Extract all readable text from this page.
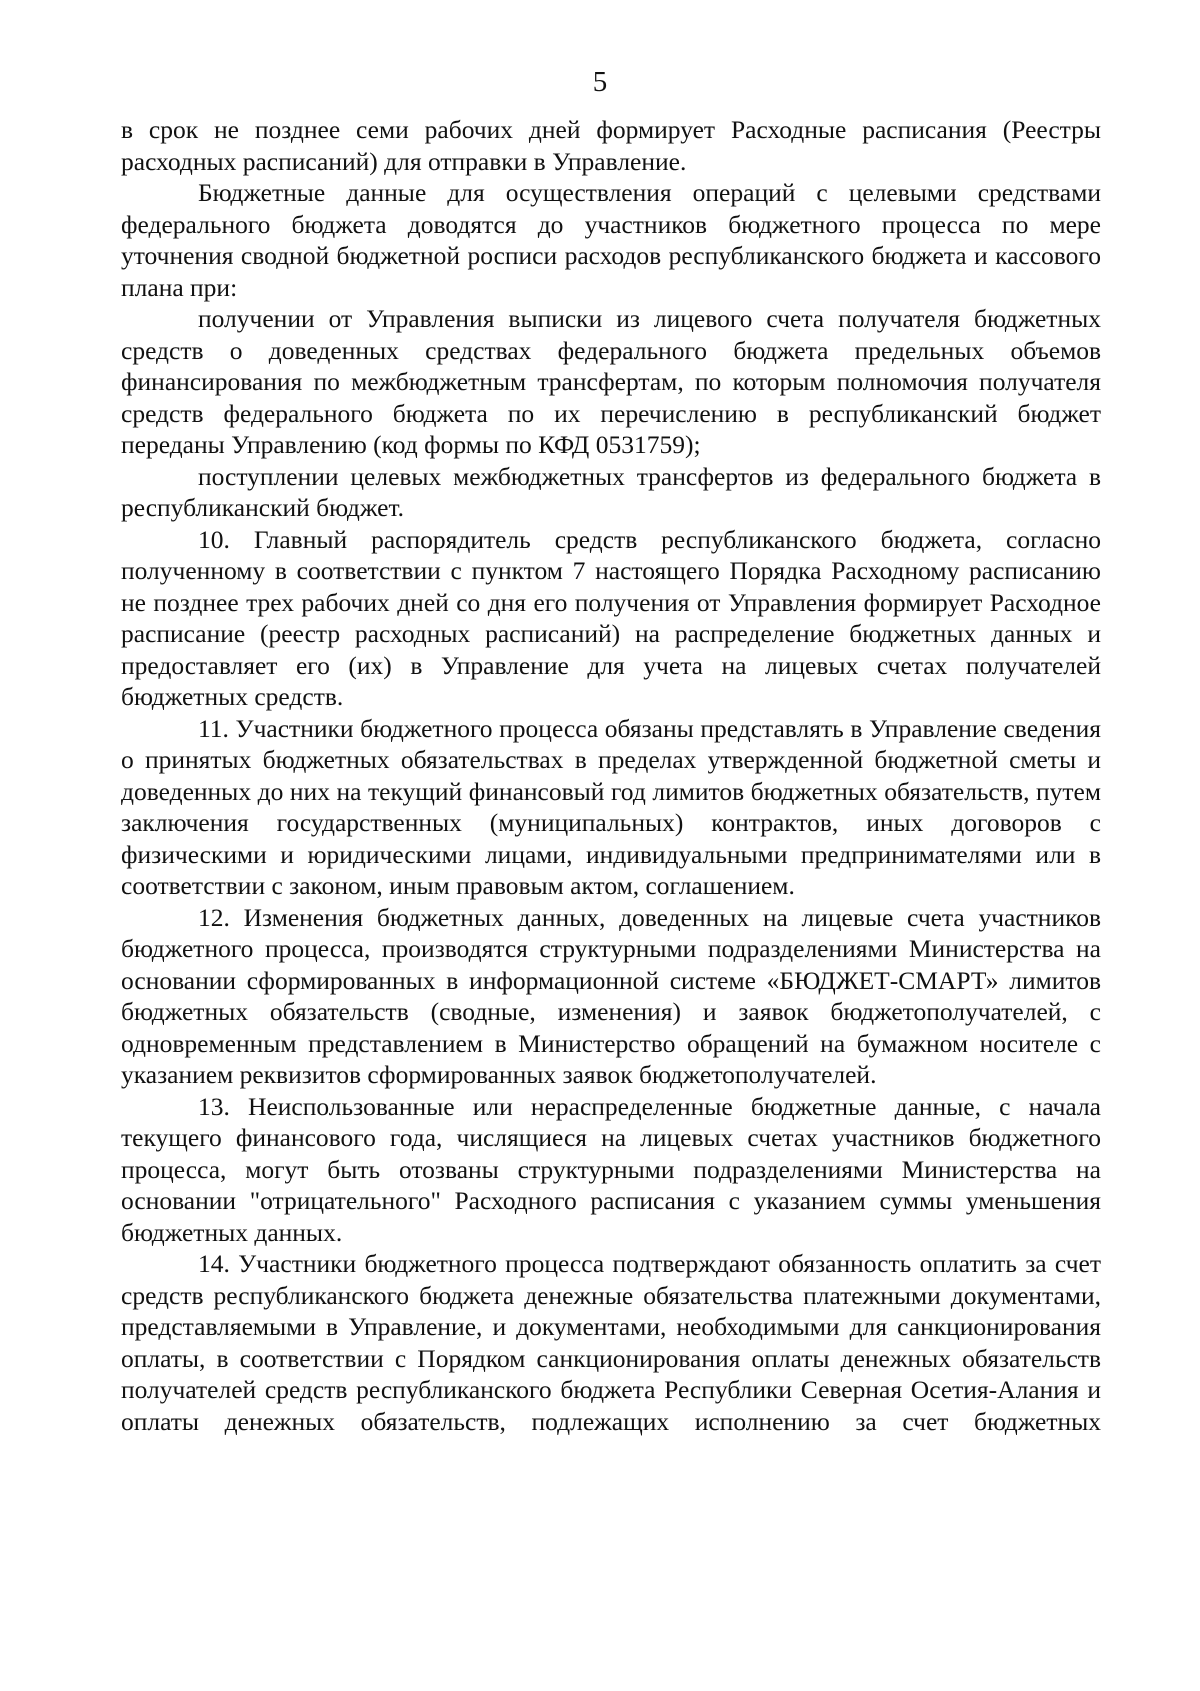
5

в срок не позднее семи рабочих дней формирует Расходные расписания (Реестры расходных расписаний) для отправки в Управление.

Бюджетные данные для осуществления операций с целевыми средствами федерального бюджета доводятся до участников бюджетного процесса по мере уточнения сводной бюджетной росписи расходов республиканского бюджета и кассового плана при:

получении от Управления выписки из лицевого счета получателя бюджетных средств о доведенных средствах федерального бюджета предельных объемов финансирования по межбюджетным трансфертам, по которым полномочия получателя средств федерального бюджета по их перечислению в республиканский бюджет переданы Управлению (код формы по КФД 0531759);

поступлении целевых межбюджетных трансфертов из федерального бюджета в республиканский бюджет.

10. Главный распорядитель средств республиканского бюджета, согласно полученному в соответствии с пунктом 7 настоящего Порядка Расходному расписанию не позднее трех рабочих дней со дня его получения от Управления формирует Расходное расписание (реестр расходных расписаний) на распределение бюджетных данных и предоставляет его (их) в Управление для учета на лицевых счетах получателей бюджетных средств.

11. Участники бюджетного процесса обязаны представлять в Управление сведения о принятых бюджетных обязательствах в пределах утвержденной бюджетной сметы и доведенных до них на текущий финансовый год лимитов бюджетных обязательств, путем заключения государственных (муниципальных) контрактов, иных договоров с физическими и юридическими лицами, индивидуальными предпринимателями или в соответствии с законом, иным правовым актом, соглашением.

12. Изменения бюджетных данных, доведенных на лицевые счета участников бюджетного процесса, производятся структурными подразделениями Министерства на основании сформированных в информационной системе «БЮДЖЕТ-СМАРТ» лимитов бюджетных обязательств (сводные, изменения) и заявок бюджетополучателей, с одновременным представлением в Министерство обращений на бумажном носителе с указанием реквизитов сформированных заявок бюджетополучателей.

13. Неиспользованные или нераспределенные бюджетные данные, с начала текущего финансового года, числящиеся на лицевых счетах участников бюджетного процесса, могут быть отозваны структурными подразделениями Министерства на основании "отрицательного" Расходного расписания с указанием суммы уменьшения бюджетных данных.

14. Участники бюджетного процесса подтверждают обязанность оплатить за счет средств республиканского бюджета денежные обязательства платежными документами, представляемыми в Управление, и документами, необходимыми для санкционирования оплаты, в соответствии с Порядком санкционирования оплаты денежных обязательств получателей средств республиканского бюджета Республики Северная Осетия-Алания и оплаты денежных обязательств, подлежащих исполнению за счет бюджетных
